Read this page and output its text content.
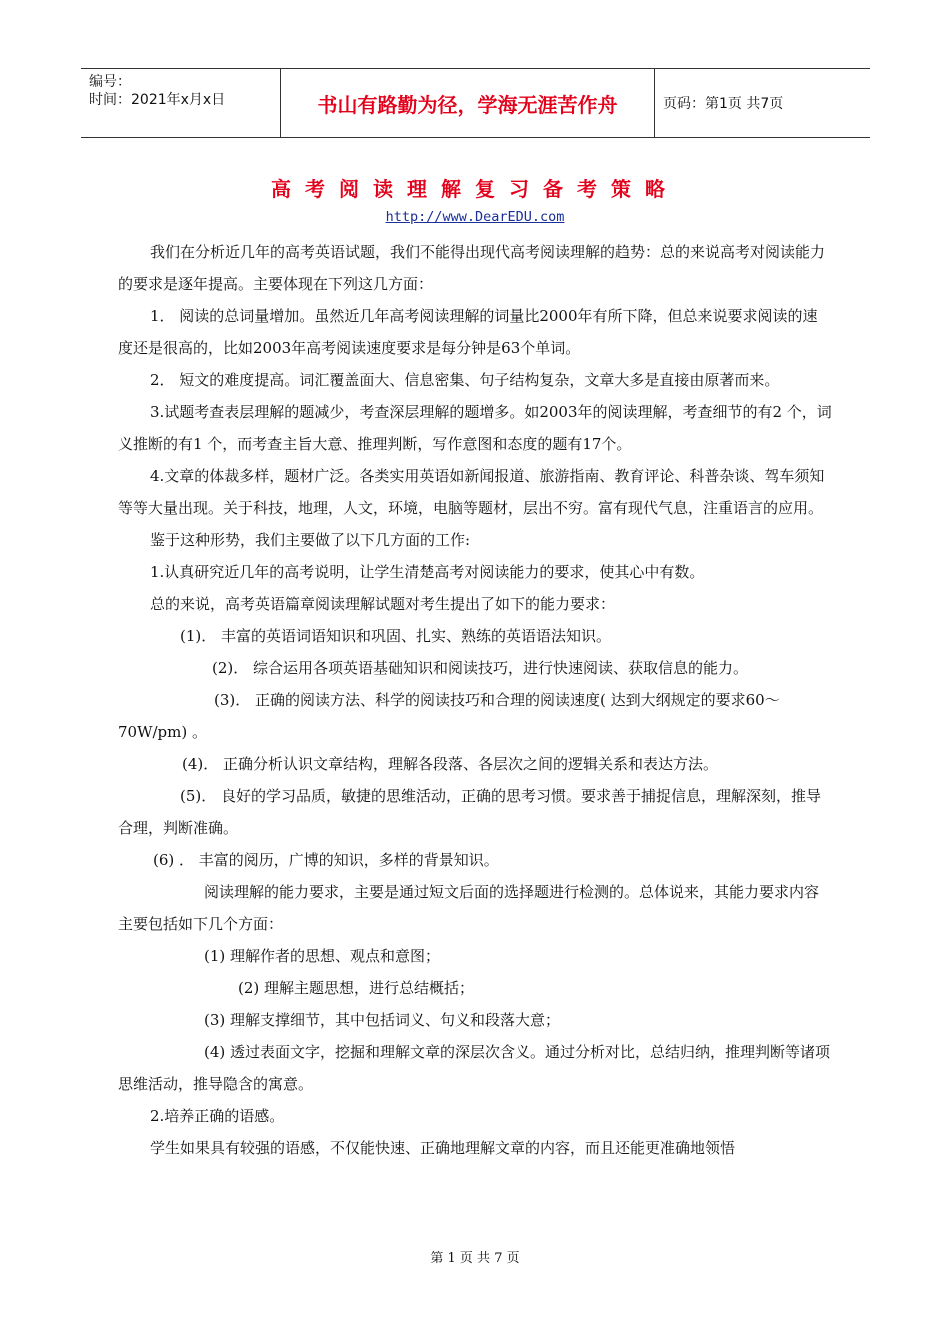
编号：
时间：2021年x月x日	书山有路勤为径，学海无涯苦作舟	页码：第1页 共7页
高考阅读理解复习备考策略
http://www.DearEDU.com

我们在分析近几年的高考英语试题，我们不能得出现代高考阅读理解的趋势：总的来说高考对阅读能力的要求是逐年提高。主要体现在下列这几方面：

1． 阅读的总词量增加。虽然近几年高考阅读理解的词量比2000年有所下降，但总来说要求阅读的速度还是很高的，比如2003年高考阅读速度要求是每分钟是63个单词。

2． 短文的难度提高。词汇覆盖面大、信息密集、句子结构复杂，文章大多是直接由原著而来。

3.试题考查表层理解的题减少，考查深层理解的题增多。如2003年的阅读理解，考查细节的有2 个，词义推断的有1 个，而考查主旨大意、推理判断，写作意图和态度的题有17个。

4.文章的体裁多样，题材广泛。各类实用英语如新闻报道、旅游指南、教育评论、科普杂谈、驾车须知等等大量出现。关于科技，地理，人文，环境，电脑等题材，层出不穷。富有现代气息，注重语言的应用。

鉴于这种形势，我们主要做了以下几方面的工作:

1.认真研究近几年的高考说明，让学生清楚高考对阅读能力的要求，使其心中有数。

总的来说，高考英语篇章阅读理解试题对考生提出了如下的能力要求：

(1)． 丰富的英语词语知识和巩固、扎实、熟练的英语语法知识。

(2)． 综合运用各项英语基础知识和阅读技巧，进行快速阅读、获取信息的能力。

(3)． 正确的阅读方法、科学的阅读技巧和合理的阅读速度( 达到大纲规定的要求60～70W/pm) 。

(4)． 正确分析认识文章结构，理解各段落、各层次之间的逻辑关系和表达方法。

(5)． 良好的学习品质，敏捷的思维活动，正确的思考习惯。要求善于捕捉信息，理解深刻，推导合理，判断准确。

(6) ． 丰富的阅历，广博的知识，多样的背景知识。

阅读理解的能力要求，主要是通过短文后面的选择题进行检测的。总体说来，其能力要求内容主要包括如下几个方面：

(1) 理解作者的思想、观点和意图；

(2) 理解主题思想，进行总结概括；

(3) 理解支撑细节，其中包括词义、句义和段落大意；

(4) 透过表面文字，挖掘和理解文章的深层次含义。通过分析对比，总结归纳，推理判断等诸项思维活动，推导隐含的寓意。

2.培养正确的语感。

学生如果具有较强的语感，不仅能快速、正确地理解文章的内容，而且还能更准确地领悟

第 1 页 共 7 页
